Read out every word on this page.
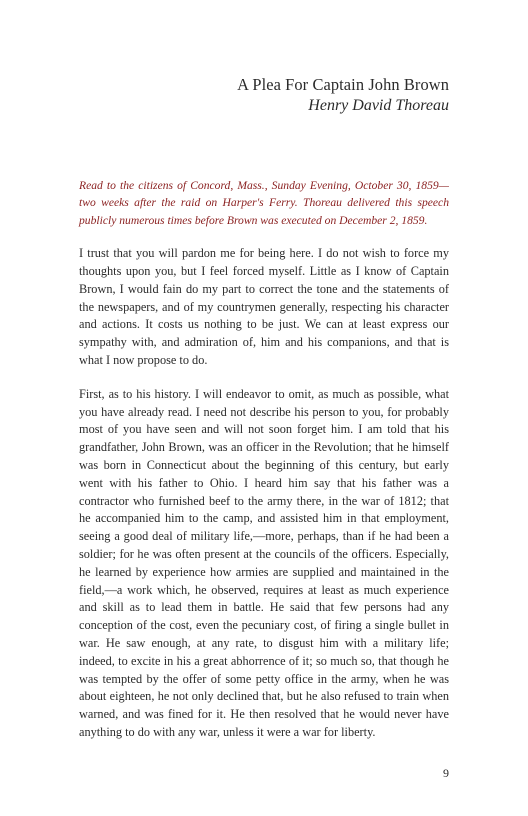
A Plea For Captain John Brown
Henry David Thoreau

Read to the citizens of Concord, Mass., Sunday Evening, October 30, 1859—two weeks after the raid on Harper's Ferry. Thoreau delivered this speech publicly numerous times before Brown was executed on December 2, 1859.

I trust that you will pardon me for being here. I do not wish to force my thoughts upon you, but I feel forced myself. Little as I know of Captain Brown, I would fain do my part to correct the tone and the statements of the newspapers, and of my countrymen generally, respecting his character and actions. It costs us nothing to be just. We can at least express our sympathy with, and admiration of, him and his companions, and that is what I now propose to do.

First, as to his history. I will endeavor to omit, as much as possible, what you have already read. I need not describe his person to you, for probably most of you have seen and will not soon forget him. I am told that his grandfather, John Brown, was an officer in the Revolution; that he himself was born in Connecticut about the beginning of this century, but early went with his father to Ohio. I heard him say that his father was a contractor who furnished beef to the army there, in the war of 1812; that he accompanied him to the camp, and assisted him in that employment, seeing a good deal of military life,—more, perhaps, than if he had been a soldier; for he was often present at the councils of the officers. Especially, he learned by experience how armies are supplied and maintained in the field,—a work which, he observed, requires at least as much experience and skill as to lead them in battle. He said that few persons had any conception of the cost, even the pecuniary cost, of firing a single bullet in war. He saw enough, at any rate, to disgust him with a military life; indeed, to excite in his a great abhorrence of it; so much so, that though he was tempted by the offer of some petty office in the army, when he was about eighteen, he not only declined that, but he also refused to train when warned, and was fined for it. He then resolved that he would never have anything to do with any war, unless it were a war for liberty.

9
